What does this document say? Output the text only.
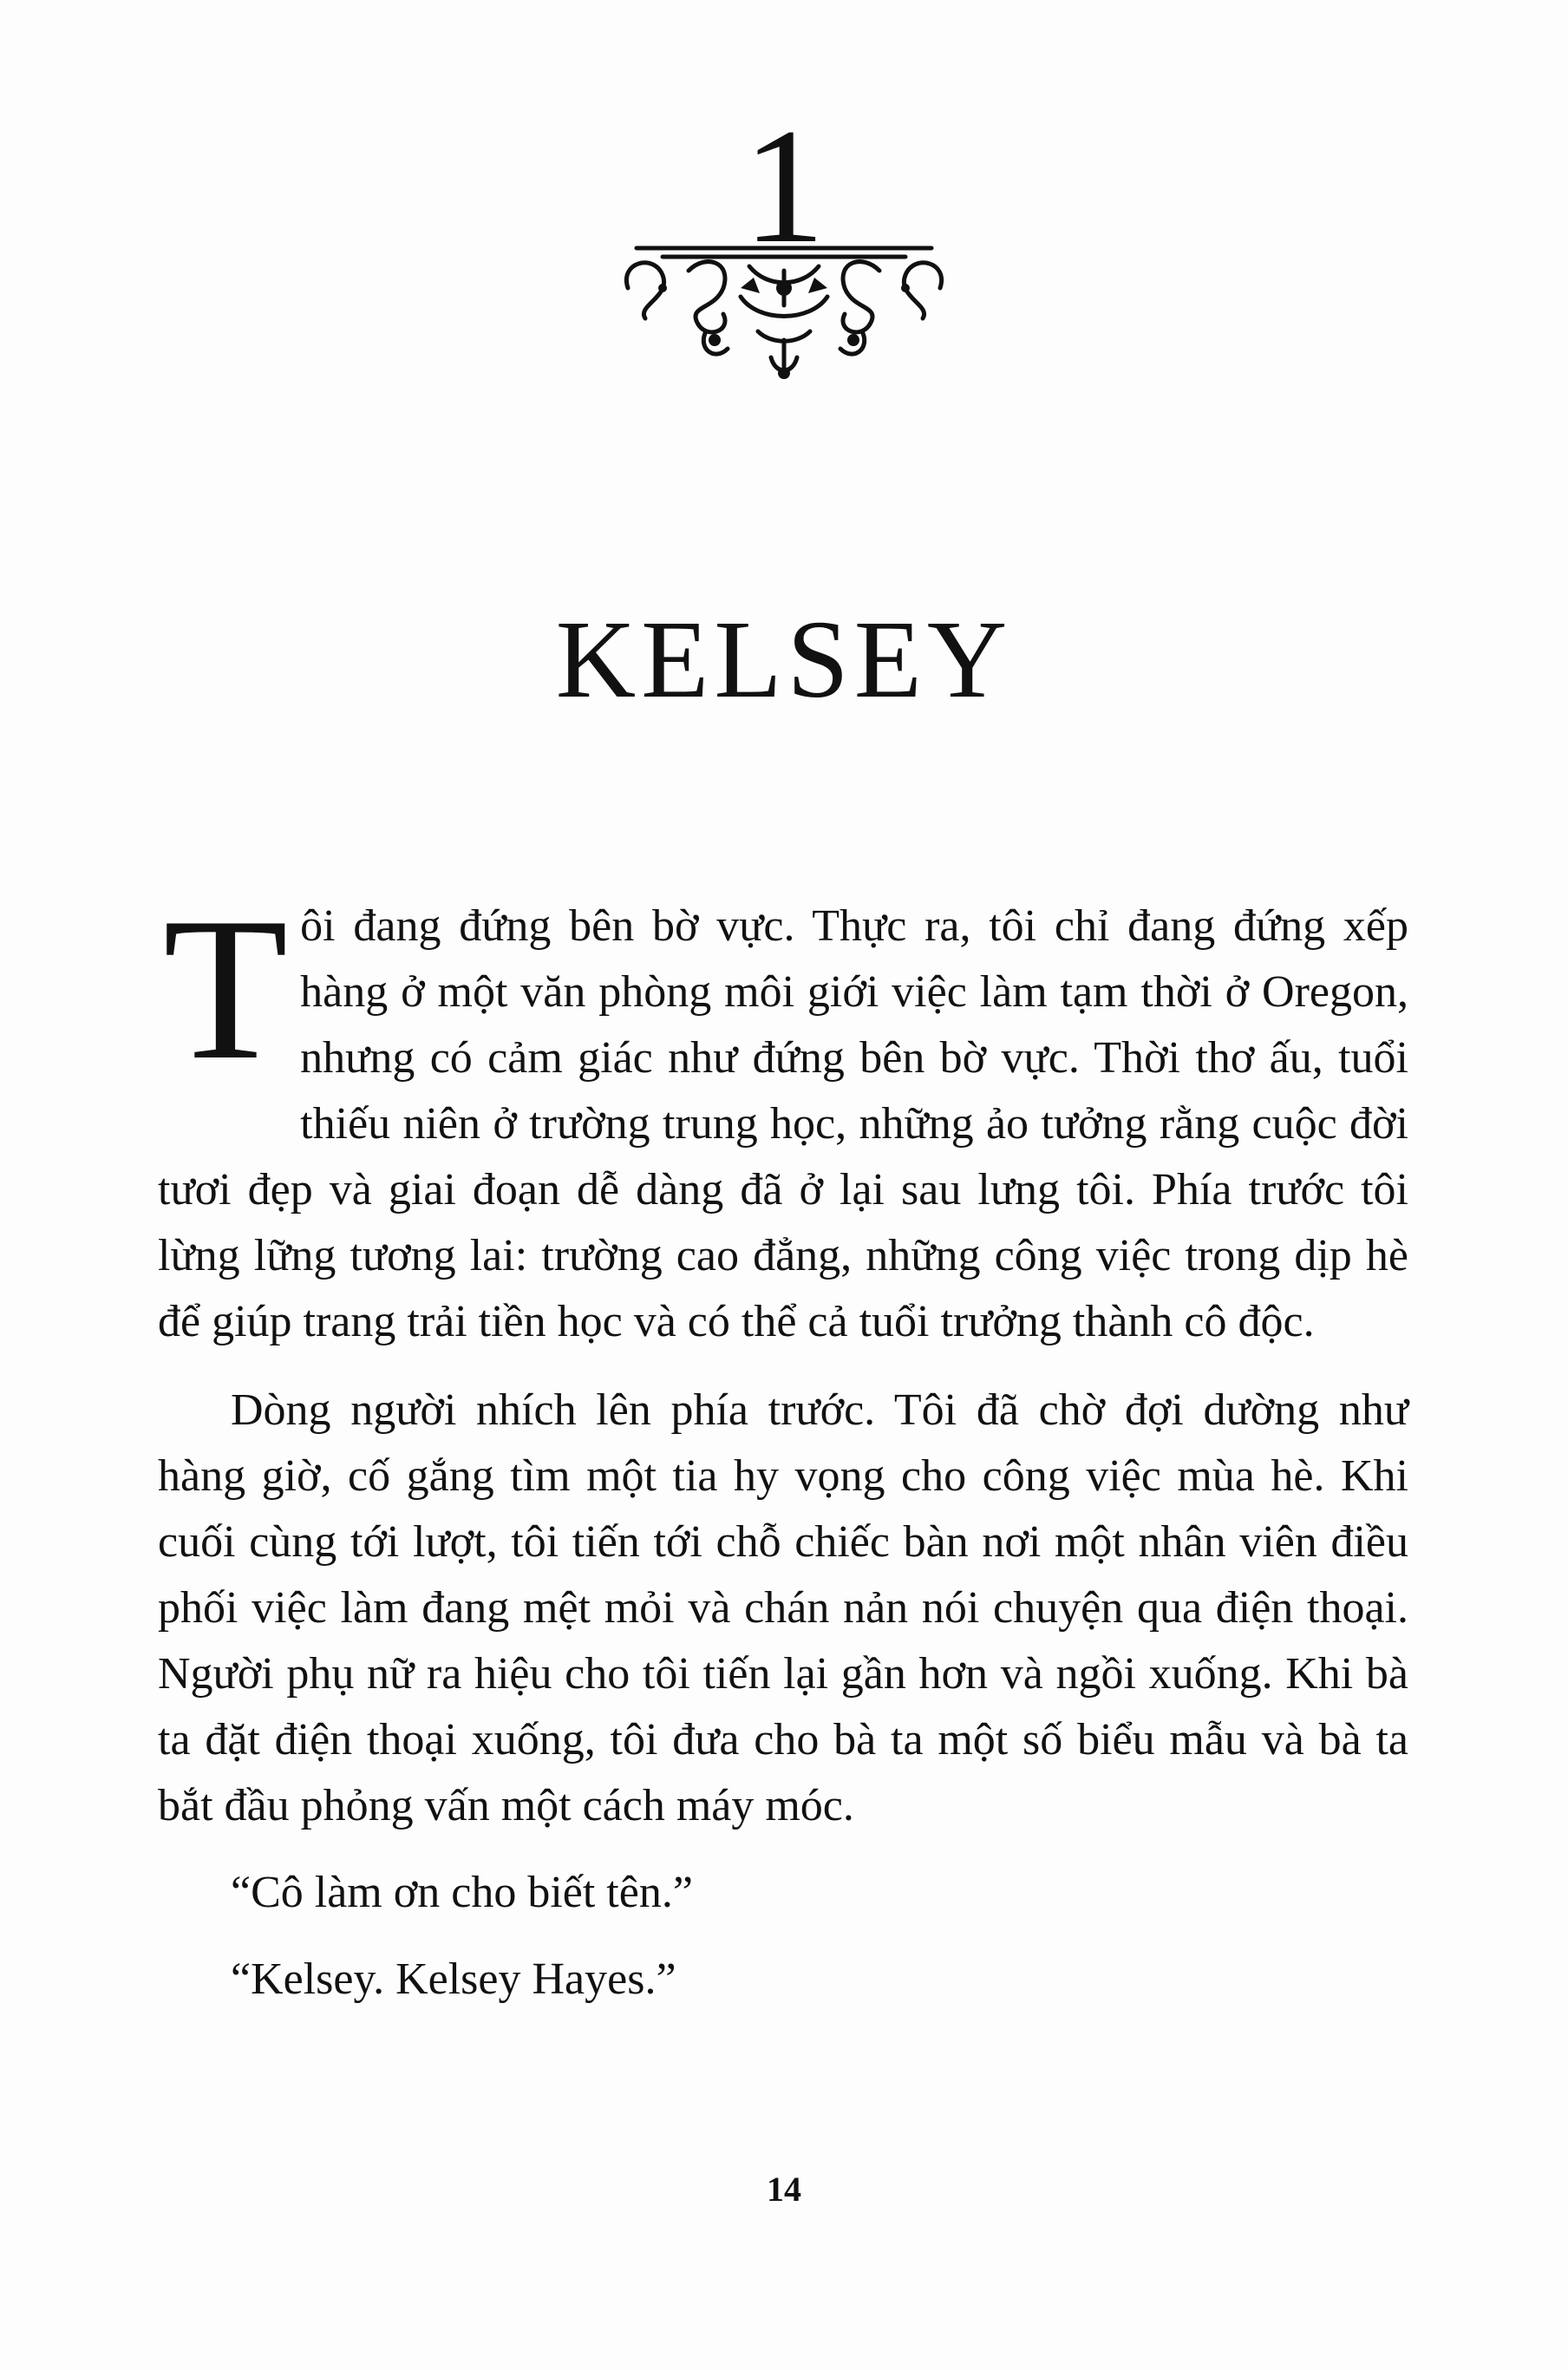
1
KELSEY

Tôi đang đứng bên bờ vực. Thực ra, tôi chỉ đang đứng xếp hàng ở một văn phòng môi giới việc làm tạm thời ở Oregon, nhưng có cảm giác như đứng bên bờ vực. Thời thơ ấu, tuổi thiếu niên ở trường trung học, những ảo tưởng rằng cuộc đời tươi đẹp và giai đoạn dễ dàng đã ở lại sau lưng tôi. Phía trước tôi lừng lững tương lai: trường cao đẳng, những công việc trong dịp hè để giúp trang trải tiền học và có thể cả tuổi trưởng thành cô độc.

Dòng người nhích lên phía trước. Tôi đã chờ đợi dường như hàng giờ, cố gắng tìm một tia hy vọng cho công việc mùa hè. Khi cuối cùng tới lượt, tôi tiến tới chỗ chiếc bàn nơi một nhân viên điều phối việc làm đang mệt mỏi và chán nản nói chuyện qua điện thoại. Người phụ nữ ra hiệu cho tôi tiến lại gần hơn và ngồi xuống. Khi bà ta đặt điện thoại xuống, tôi đưa cho bà ta một số biểu mẫu và bà ta bắt đầu phỏng vấn một cách máy móc.

“Cô làm ơn cho biết tên.”

“Kelsey. Kelsey Hayes.”

14
